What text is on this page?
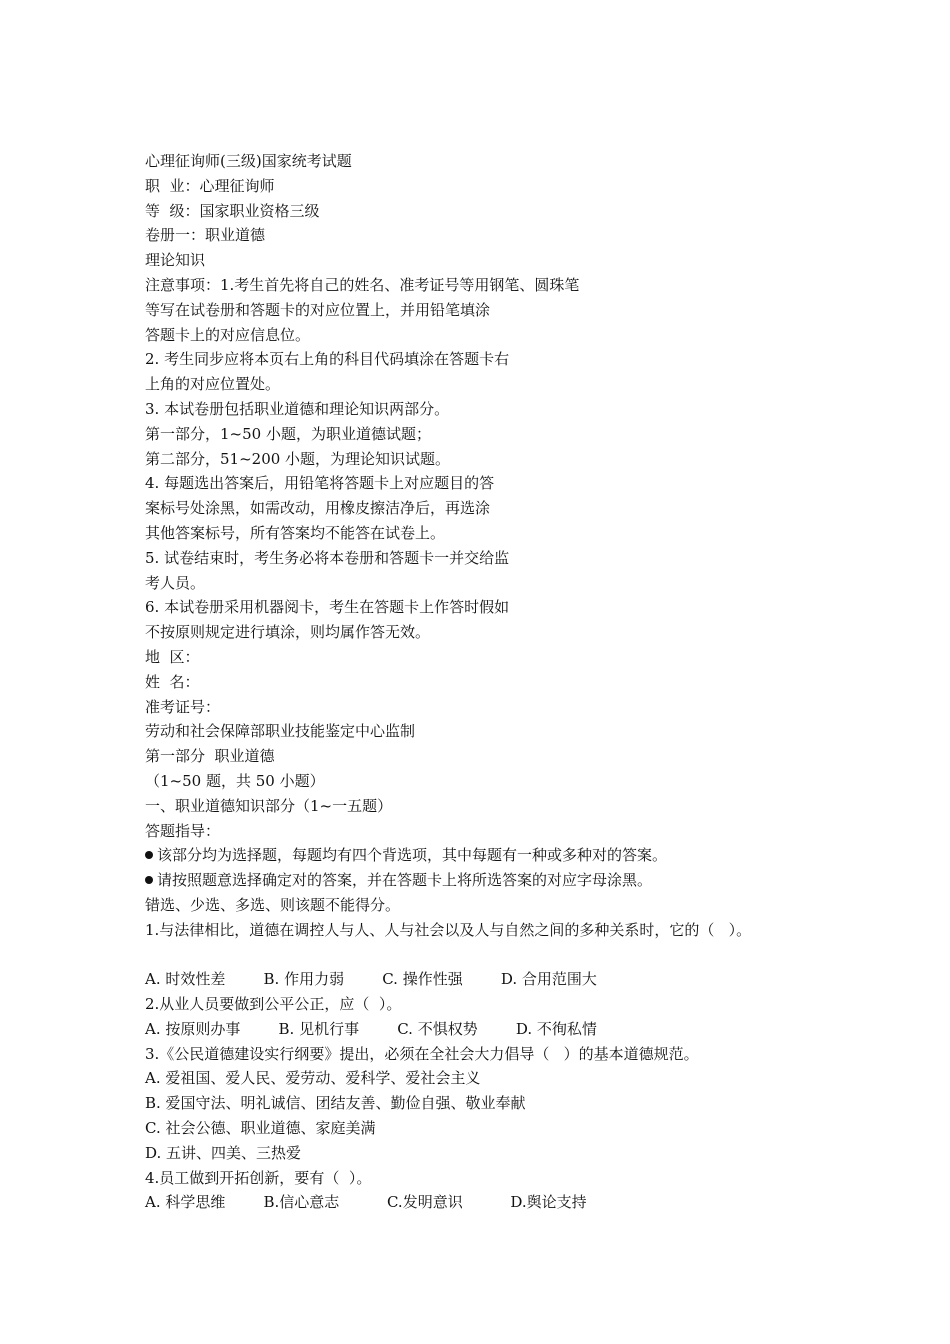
心理征询师(三级)国家统考试题
职  业：心理征询师
等  级：国家职业资格三级
卷册一：职业道德
理论知识
注意事项：1.考生首先将自己的姓名、准考证号等用钢笔、圆珠笔
等写在试卷册和答题卡的对应位置上，并用铅笔填涂
答题卡上的对应信息位。
2. 考生同步应将本页右上角的科目代码填涂在答题卡右
上角的对应位置处。
3. 本试卷册包括职业道德和理论知识两部分。
第一部分，1~50 小题，为职业道德试题；
第二部分，51~200 小题，为理论知识试题。
4. 每题选出答案后，用铅笔将答题卡上对应题目的答
案标号处涂黑，如需改动，用橡皮擦洁净后，再选涂
其他答案标号，所有答案均不能答在试卷上。
5. 试卷结束时，考生务必将本卷册和答题卡一并交给监
考人员。
6. 本试卷册采用机器阅卡，考生在答题卡上作答时假如
不按原则规定进行填涂，则均属作答无效。
地  区：
姓  名：
准考证号：
劳动和社会保障部职业技能鉴定中心监制
第一部分  职业道德
（1~50 题，共 50 小题）
一、职业道德知识部分（1~一五题）
答题指导：
该部分均为选择题，每题均有四个背选项，其中每题有一种或多种对的答案。
请按照题意选择确定对的答案，并在答题卡上将所选答案的对应字母涂黑。
错选、少选、多选、则该题不能得分。
1.与法律相比，道德在调控人与人、人与社会以及人与自然之间的多种关系时，它的（   ）。
A. 时效性差        B. 作用力弱        C. 操作性强        D. 合用范围大
2.从业人员要做到公平公正，应（  ）。
A. 按原则办事        B. 见机行事        C. 不惧权势        D. 不徇私情
3.《公民道德建设实行纲要》提出，必须在全社会大力倡导（   ）的基本道德规范。
A. 爱祖国、爱人民、爱劳动、爱科学、爱社会主义
B. 爱国守法、明礼诚信、团结友善、勤俭自强、敬业奉献
C. 社会公德、职业道德、家庭美满
D. 五讲、四美、三热爱
4.员工做到开拓创新，要有（  ）。
A. 科学思维        B.信心意志          C.发明意识          D.舆论支持
